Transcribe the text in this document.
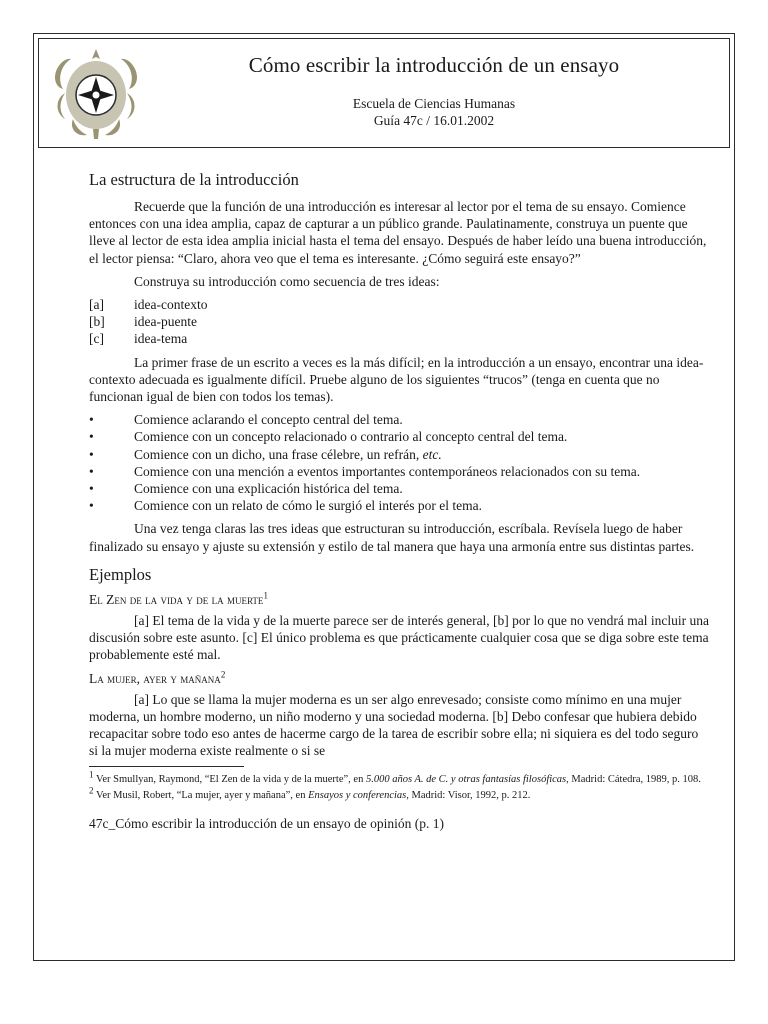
Cómo escribir la introducción de un ensayo
Escuela de Ciencias Humanas
Guía 47c / 16.01.2002
La estructura de la introducción

Recuerde que la función de una introducción es interesar al lector por el tema de su ensayo. Comience entonces con una idea amplia, capaz de capturar a un público grande. Paulatinamente, construya un puente que lleve al lector de esta idea amplia inicial hasta el tema del ensayo. Después de haber leído una buena introducción, el lector piensa: “Claro, ahora veo que el tema es interesante. ¿Cómo seguirá este ensayo?”

Construya su introducción como secuencia de tres ideas:

[a]	idea-contexto
[b]	idea-puente
[c]	idea-tema

La primer frase de un escrito a veces es la más difícil; en la introducción a un ensayo, encontrar una idea-contexto adecuada es igualmente difícil. Pruebe alguno de los siguientes “trucos” (tenga en cuenta que no funcionan igual de bien con todos los temas).

•	Comience aclarando el concepto central del tema.
•	Comience con un concepto relacionado o contrario al concepto central del tema.
•	Comience con un dicho, una frase célebre, un refrán, etc.
•	Comience con una mención a eventos importantes contemporáneos relacionados con su tema.
•	Comience con una explicación histórica del tema.
•	Comience con un relato de cómo le surgió el interés por el tema.

Una vez tenga claras las tres ideas que estructuran su introducción, escríbala. Revísela luego de haber finalizado su ensayo y ajuste su extensión y estilo de tal manera que haya una armonía entre sus distintas partes.

Ejemplos
El Zen de la vida y de la muerte$^1$

[a] El tema de la vida y de la muerte parece ser de interés general, [b] por lo que no vendrá mal incluir una discusión sobre este asunto. [c] El único problema es que prácticamente cualquier cosa que se diga sobre este tema probablemente esté mal.

La mujer, ayer y mañana$^2$

[a] Lo que se llama la mujer moderna es un ser algo enrevesado; consiste como mínimo en una mujer moderna, un hombre moderno, un niño moderno y una sociedad moderna. [b] Debo confesar que hubiera debido recapacitar sobre todo eso antes de hacerme cargo de la tarea de escribir sobre ella; ni siquiera es del todo seguro si la mujer moderna existe realmente o si se

$^1$ Ver Smullyan, Raymond, “El Zen de la vida y de la muerte”, en 5.000 años A. de C. y otras fantasías filosóficas, Madrid: Cátedra, 1989, p. 108.
$^2$ Ver Musil, Robert, “La mujer, ayer y mañana”, en Ensayos y conferencias, Madrid: Visor, 1992, p. 212.
47c_Cómo escribir la introducción de un ensayo de opinión (p. 1)
